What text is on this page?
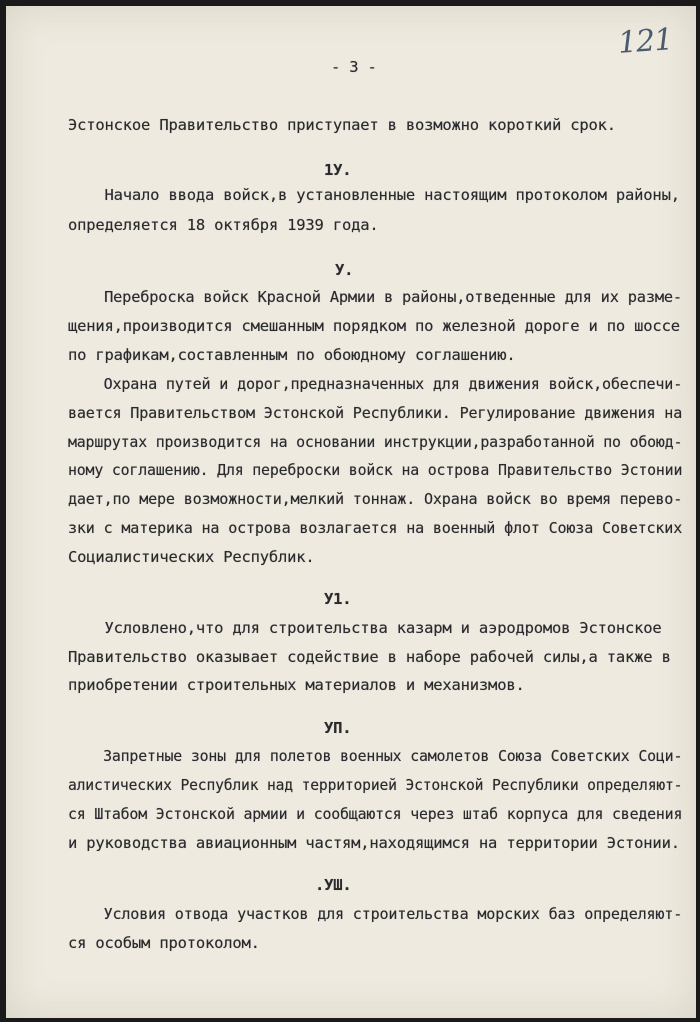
121
- 3 -
Эстонское Правительство приступает в возможно короткий срок.
1У.
Начало ввода войск,в установленные настоящим протоколом районы,
определяется 18 октября 1939 года.
У.
Переброска войск Красной Армии в районы,отведенные для их разме-
щения,производится смешанным порядком по железной дороге и по шоссе
по графикам,составленным по обоюдному соглашению.
Охрана путей и дорог,предназначенных для движения войск,обеспечи-
вается Правительством Эстонской Республики. Регулирование движения на
маршрутах производится на основании инструкции,разработанной по обоюд-
ному соглашению. Для переброски войск на острова Правительство Эстонии
дает,по мере возможности,мелкий тоннаж. Охрана войск во время перево-
зки с материка на острова возлагается на военный флот Союза Советских
Социалистических Республик.
У1.
Условлено,что для строительства казарм и аэродромов Эстонское
Правительство оказывает содействие в наборе рабочей силы,а также в
приобретении строительных материалов и механизмов.
УП.
Запретные зоны для полетов военных самолетов Союза Советских Соци-
алистических Республик над территорией Эстонской Республики определяют-
ся Штабом Эстонской армии и сообщаются через штаб корпуса для сведения
и руководства авиационным частям,находящимся на территории Эстонии.
.УШ.
Условия отвода участков для строительства морских баз определяют-
ся особым протоколом.
